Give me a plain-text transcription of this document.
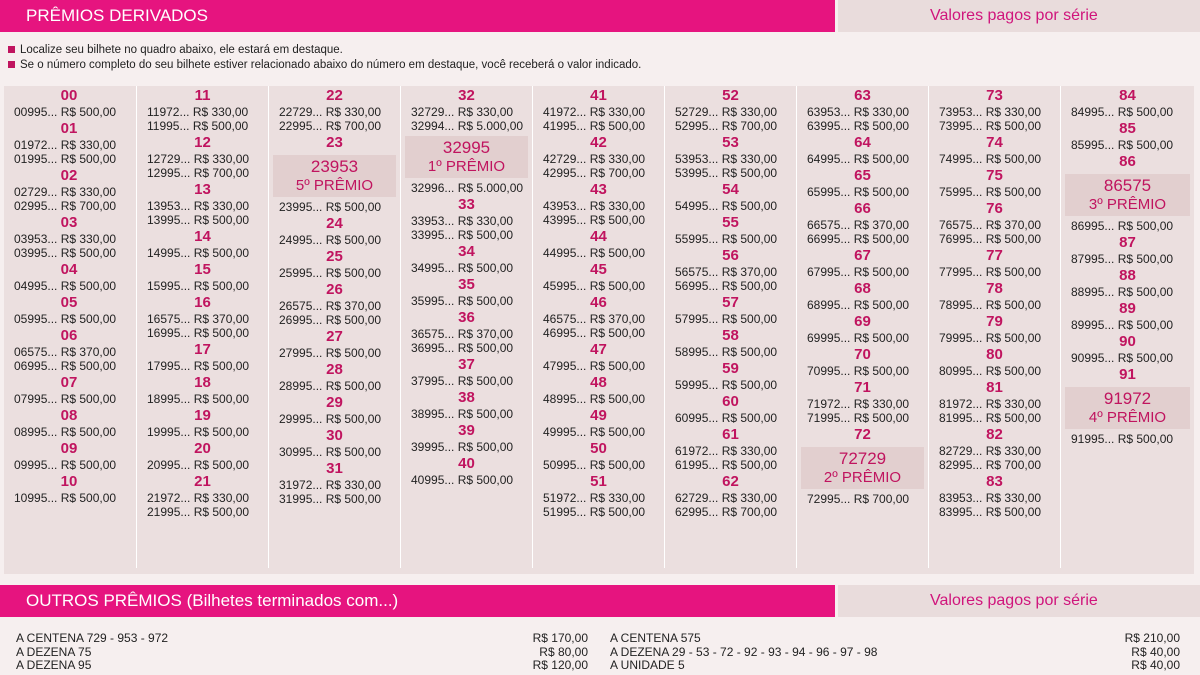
PRÊMIOS DERIVADOS	Valores pagos por série
Localize seu bilhete no quadro abaixo, ele estará em destaque.
Se o número completo do seu bilhete estiver relacionado abaixo do número em destaque, você receberá o valor indicado.
00
00995... R$ 500,00
01
01972... R$ 330,00
01995... R$ 500,00
02
02729... R$ 330,00
02995... R$ 700,00
03
03953... R$ 330,00
03995... R$ 500,00
04
04995... R$ 500,00
05
05995... R$ 500,00
06
06575... R$ 370,00
06995... R$ 500,00
07
07995... R$ 500,00
08
08995... R$ 500,00
09
09995... R$ 500,00
10
10995... R$ 500,00
11
11972... R$ 330,00
11995... R$ 500,00
12
12729... R$ 330,00
12995... R$ 700,00
13
13953... R$ 330,00
13995... R$ 500,00
14
14995... R$ 500,00
15
15995... R$ 500,00
16
16575... R$ 370,00
16995... R$ 500,00
17
17995... R$ 500,00
18
18995... R$ 500,00
19
19995... R$ 500,00
20
20995... R$ 500,00
21
21972... R$ 330,00
21995... R$ 500,00
22
22729... R$ 330,00
22995... R$ 700,00
23
23953
5º PRÊMIO
23995... R$ 500,00
24
24995... R$ 500,00
25
25995... R$ 500,00
26
26575... R$ 370,00
26995... R$ 500,00
27
27995... R$ 500,00
28
28995... R$ 500,00
29
29995... R$ 500,00
30
30995... R$ 500,00
31
31972... R$ 330,00
31995... R$ 500,00
32
32729... R$ 330,00
32994... R$ 5.000,00
32995
1º PRÊMIO
32996... R$ 5.000,00
33
33953... R$ 330,00
33995... R$ 500,00
34
34995... R$ 500,00
35
35995... R$ 500,00
36
36575... R$ 370,00
36995... R$ 500,00
37
37995... R$ 500,00
38
38995... R$ 500,00
39
39995... R$ 500,00
40
40995... R$ 500,00
41
41972... R$ 330,00
41995... R$ 500,00
42
42729... R$ 330,00
42995... R$ 700,00
43
43953... R$ 330,00
43995... R$ 500,00
44
44995... R$ 500,00
45
45995... R$ 500,00
46
46575... R$ 370,00
46995... R$ 500,00
47
47995... R$ 500,00
48
48995... R$ 500,00
49
49995... R$ 500,00
50
50995... R$ 500,00
51
51972... R$ 330,00
51995... R$ 500,00
52
52729... R$ 330,00
52995... R$ 700,00
53
53953... R$ 330,00
53995... R$ 500,00
54
54995... R$ 500,00
55
55995... R$ 500,00
56
56575... R$ 370,00
56995... R$ 500,00
57
57995... R$ 500,00
58
58995... R$ 500,00
59
59995... R$ 500,00
60
60995... R$ 500,00
61
61972... R$ 330,00
61995... R$ 500,00
62
62729... R$ 330,00
62995... R$ 700,00
63
63953... R$ 330,00
63995... R$ 500,00
64
64995... R$ 500,00
65
65995... R$ 500,00
66
66575... R$ 370,00
66995... R$ 500,00
67
67995... R$ 500,00
68
68995... R$ 500,00
69
69995... R$ 500,00
70
70995... R$ 500,00
71
71972... R$ 330,00
71995... R$ 500,00
72
72729
2º PRÊMIO
72995... R$ 700,00
73
73953... R$ 330,00
73995... R$ 500,00
74
74995... R$ 500,00
75
75995... R$ 500,00
76
76575... R$ 370,00
76995... R$ 500,00
77
77995... R$ 500,00
78
78995... R$ 500,00
79
79995... R$ 500,00
80
80995... R$ 500,00
81
81972... R$ 330,00
81995... R$ 500,00
82
82729... R$ 330,00
82995... R$ 700,00
83
83953... R$ 330,00
83995... R$ 500,00
84
84995... R$ 500,00
85
85995... R$ 500,00
86
86575
3º PRÊMIO
86995... R$ 500,00
87
87995... R$ 500,00
88
88995... R$ 500,00
89
89995... R$ 500,00
90
90995... R$ 500,00
91
91972
4º PRÊMIO
91995... R$ 500,00
OUTROS PRÊMIOS (Bilhetes terminados com...)	Valores pagos por série
A CENTENA 729 - 953 - 972	R$ 170,00
A DEZENA 75	R$ 80,00
A DEZENA 95	R$ 120,00
A CENTENA 575	R$ 210,00
A DEZENA 29 - 53 - 72 - 92 - 93 - 94 - 96 - 97 - 98	R$ 40,00
A UNIDADE 5	R$ 40,00
